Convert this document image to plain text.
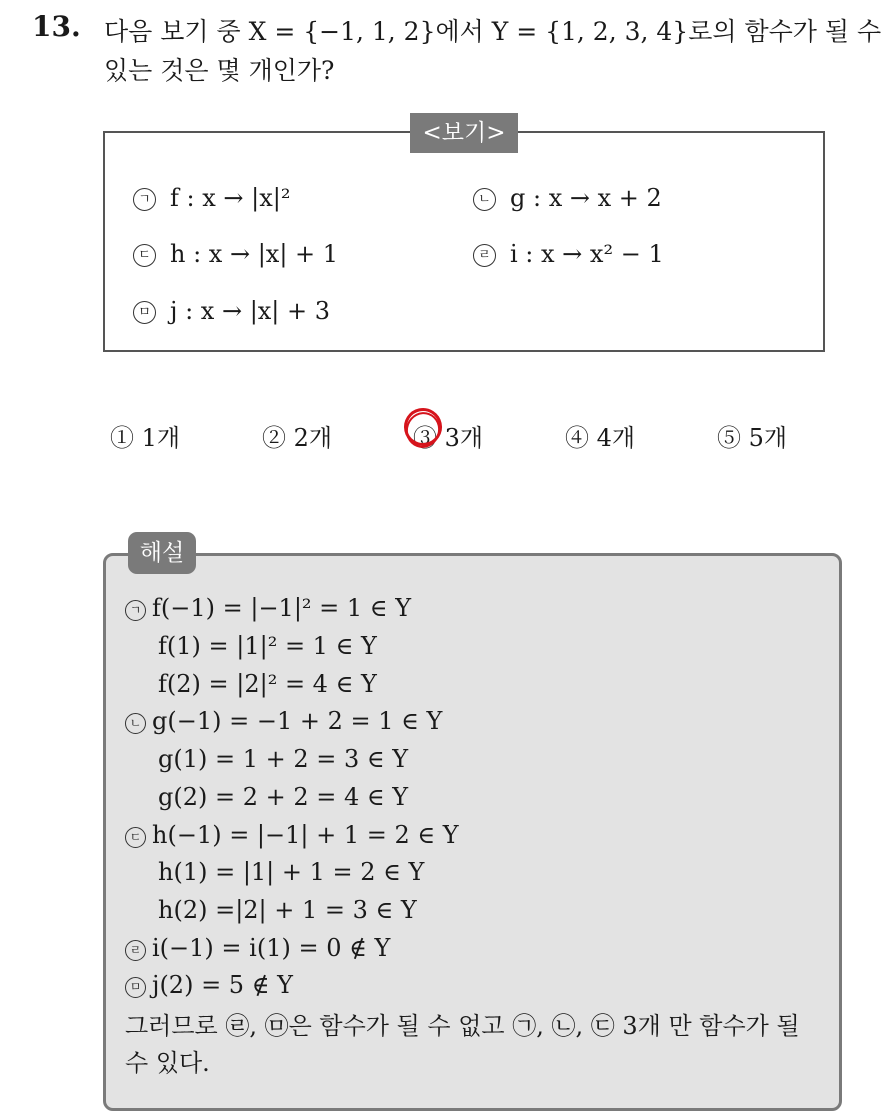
13. 다음 보기 중 X = {−1, 1, 2}에서 Y = {1, 2, 3, 4}로의 함수가 될 수
있는 것은 몇 개인가?
<보기>
ㄱ f : x → |x|²	ㄴ g : x → x + 2
ㄷ h : x → |x| + 1	ㄹ i : x → x² − 1
ㅁ j : x → |x| + 3
① 1개	② 2개	③ 3개	④ 4개	⑤ 5개
해설
ㄱ f(−1) = |−1|² = 1 ∈ Y
f(1) = |1|² = 1 ∈ Y
f(2) = |2|² = 4 ∈ Y
ㄴ g(−1) = −1 + 2 = 1 ∈ Y
g(1) = 1 + 2 = 3 ∈ Y
g(2) = 2 + 2 = 4 ∈ Y
ㄷ h(−1) = |−1| + 1 = 2 ∈ Y
h(1) = |1| + 1 = 2 ∈ Y
h(2) =|2| + 1 = 3 ∈ Y
ㄹ i(−1) = i(1) = 0 ∉ Y
ㅁ j(2) = 5 ∉ Y
그러므로 ㉣, ㉤은 함수가 될 수 없고 ㉠, ㉡, ㉢ 3개 만 함수가 될 수 있다.
